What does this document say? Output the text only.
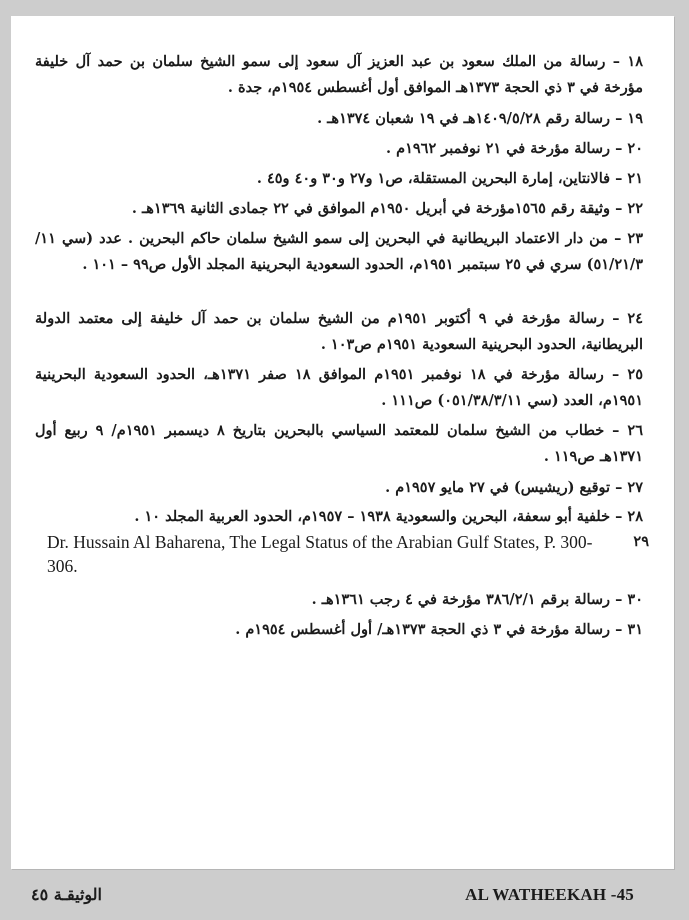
١٨ – رسالة من الملك سعود بن عبد العزيز آل سعود إلى سمو الشيخ سلمان بن حمد آل خليفة مؤرخة في ٣ ذي الحجة ١٣٧٣هـ الموافق أول أغسطس ١٩٥٤م، جدة .
١٩ – رسالة رقم ١٤٠٩/٥/٢٨هـ في ١٩ شعبان ١٣٧٤هـ .
٢٠ – رسالة مؤرخة في ٢١ نوفمبر ١٩٦٢م .
٢١ – فالانتاين، إمارة البحرين المستقلة، ص١ و٢٧ و٣٠ و٤٠ و٤٥ .
٢٢ – وثيقة رقم ١٥٦٥مؤرخة في أبريل ١٩٥٠م الموافق في ٢٢ جمادى الثانية ١٣٦٩هـ .
٢٣ – من دار الاعتماد البريطانية في البحرين إلى سمو الشيخ سلمان حاكم البحرين . عدد (سي ١١/ ٥١/٢١/٣) سري في ٢٥ سبتمبر ١٩٥١م، الحدود السعودية البحرينية المجلد الأول ص٩٩ – ١٠١ .
٢٤ – رسالة مؤرخة في ٩ أكتوبر ١٩٥١م من الشيخ سلمان بن حمد آل خليفة إلى معتمد الدولة البريطانية، الحدود البحرينية السعودية ١٩٥١م ص١٠٣ .
٢٥ – رسالة مؤرخة في ١٨ نوفمبر ١٩٥١م الموافق ١٨ صفر ١٣٧١هـ، الحدود السعودية البحرينية ١٩٥١م، العدد (سي ٠٥١/٣٨/٣/١١) ص١١١ .
٢٦ – خطاب من الشيخ سلمان للمعتمد السياسي بالبحرين بتاريخ ٨ ديسمبر ١٩٥١م/ ٩ ربيع أول ١٣٧١هـ ص١١٩ .
٢٧ – توقيع (ريشيس) في ٢٧ مايو ١٩٥٧م .
٢٨ – خلفية أبو سعفة، البحرين والسعودية ١٩٣٨ – ١٩٥٧م، الحدود العربية المجلد ١٠ .
Dr. Hussain Al Baharena, The Legal Status of the Arabian Gulf States, P. 300-306.
٢٩
٣٠ – رسالة برقم ٣٨٦/٢/١ مؤرخة في ٤ رجب ١٣٦١هـ .
٣١ – رسالة مؤرخة في ٣ ذي الحجة ١٣٧٣هـ/ أول أغسطس ١٩٥٤م .
الوثيقـة ٤٥	AL WATHEEKAH -45
